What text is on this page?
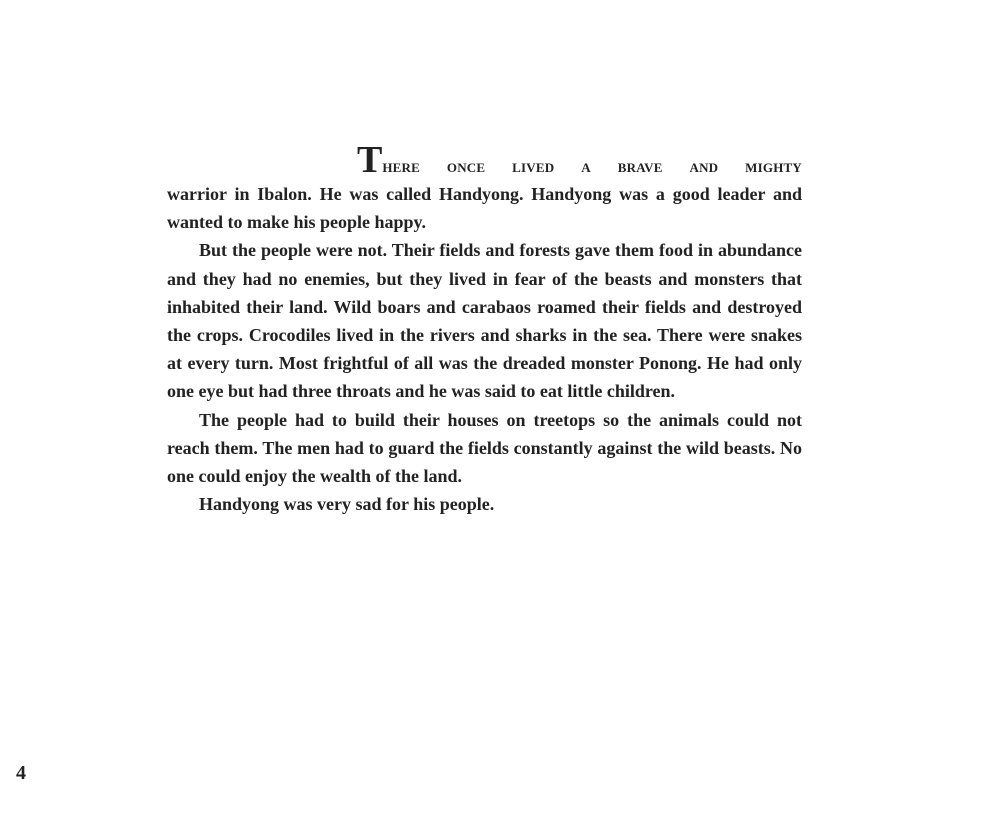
There once lived a brave and mighty
warrior in Ibalon. He was called Handyong. Handyong was a good leader and wanted to make his people happy.

But the people were not. Their fields and forests gave them food in abundance and they had no enemies, but they lived in fear of the beasts and monsters that inhabited their land. Wild boars and carabaos roamed their fields and destroyed the crops. Crocodiles lived in the rivers and sharks in the sea. There were snakes at every turn. Most frightful of all was the dreaded monster Ponong. He had only one eye but had three throats and he was said to eat little children.

The people had to build their houses on treetops so the animals could not reach them. The men had to guard the fields constantly against the wild beasts. No one could enjoy the wealth of the land.

Handyong was very sad for his people.

4
